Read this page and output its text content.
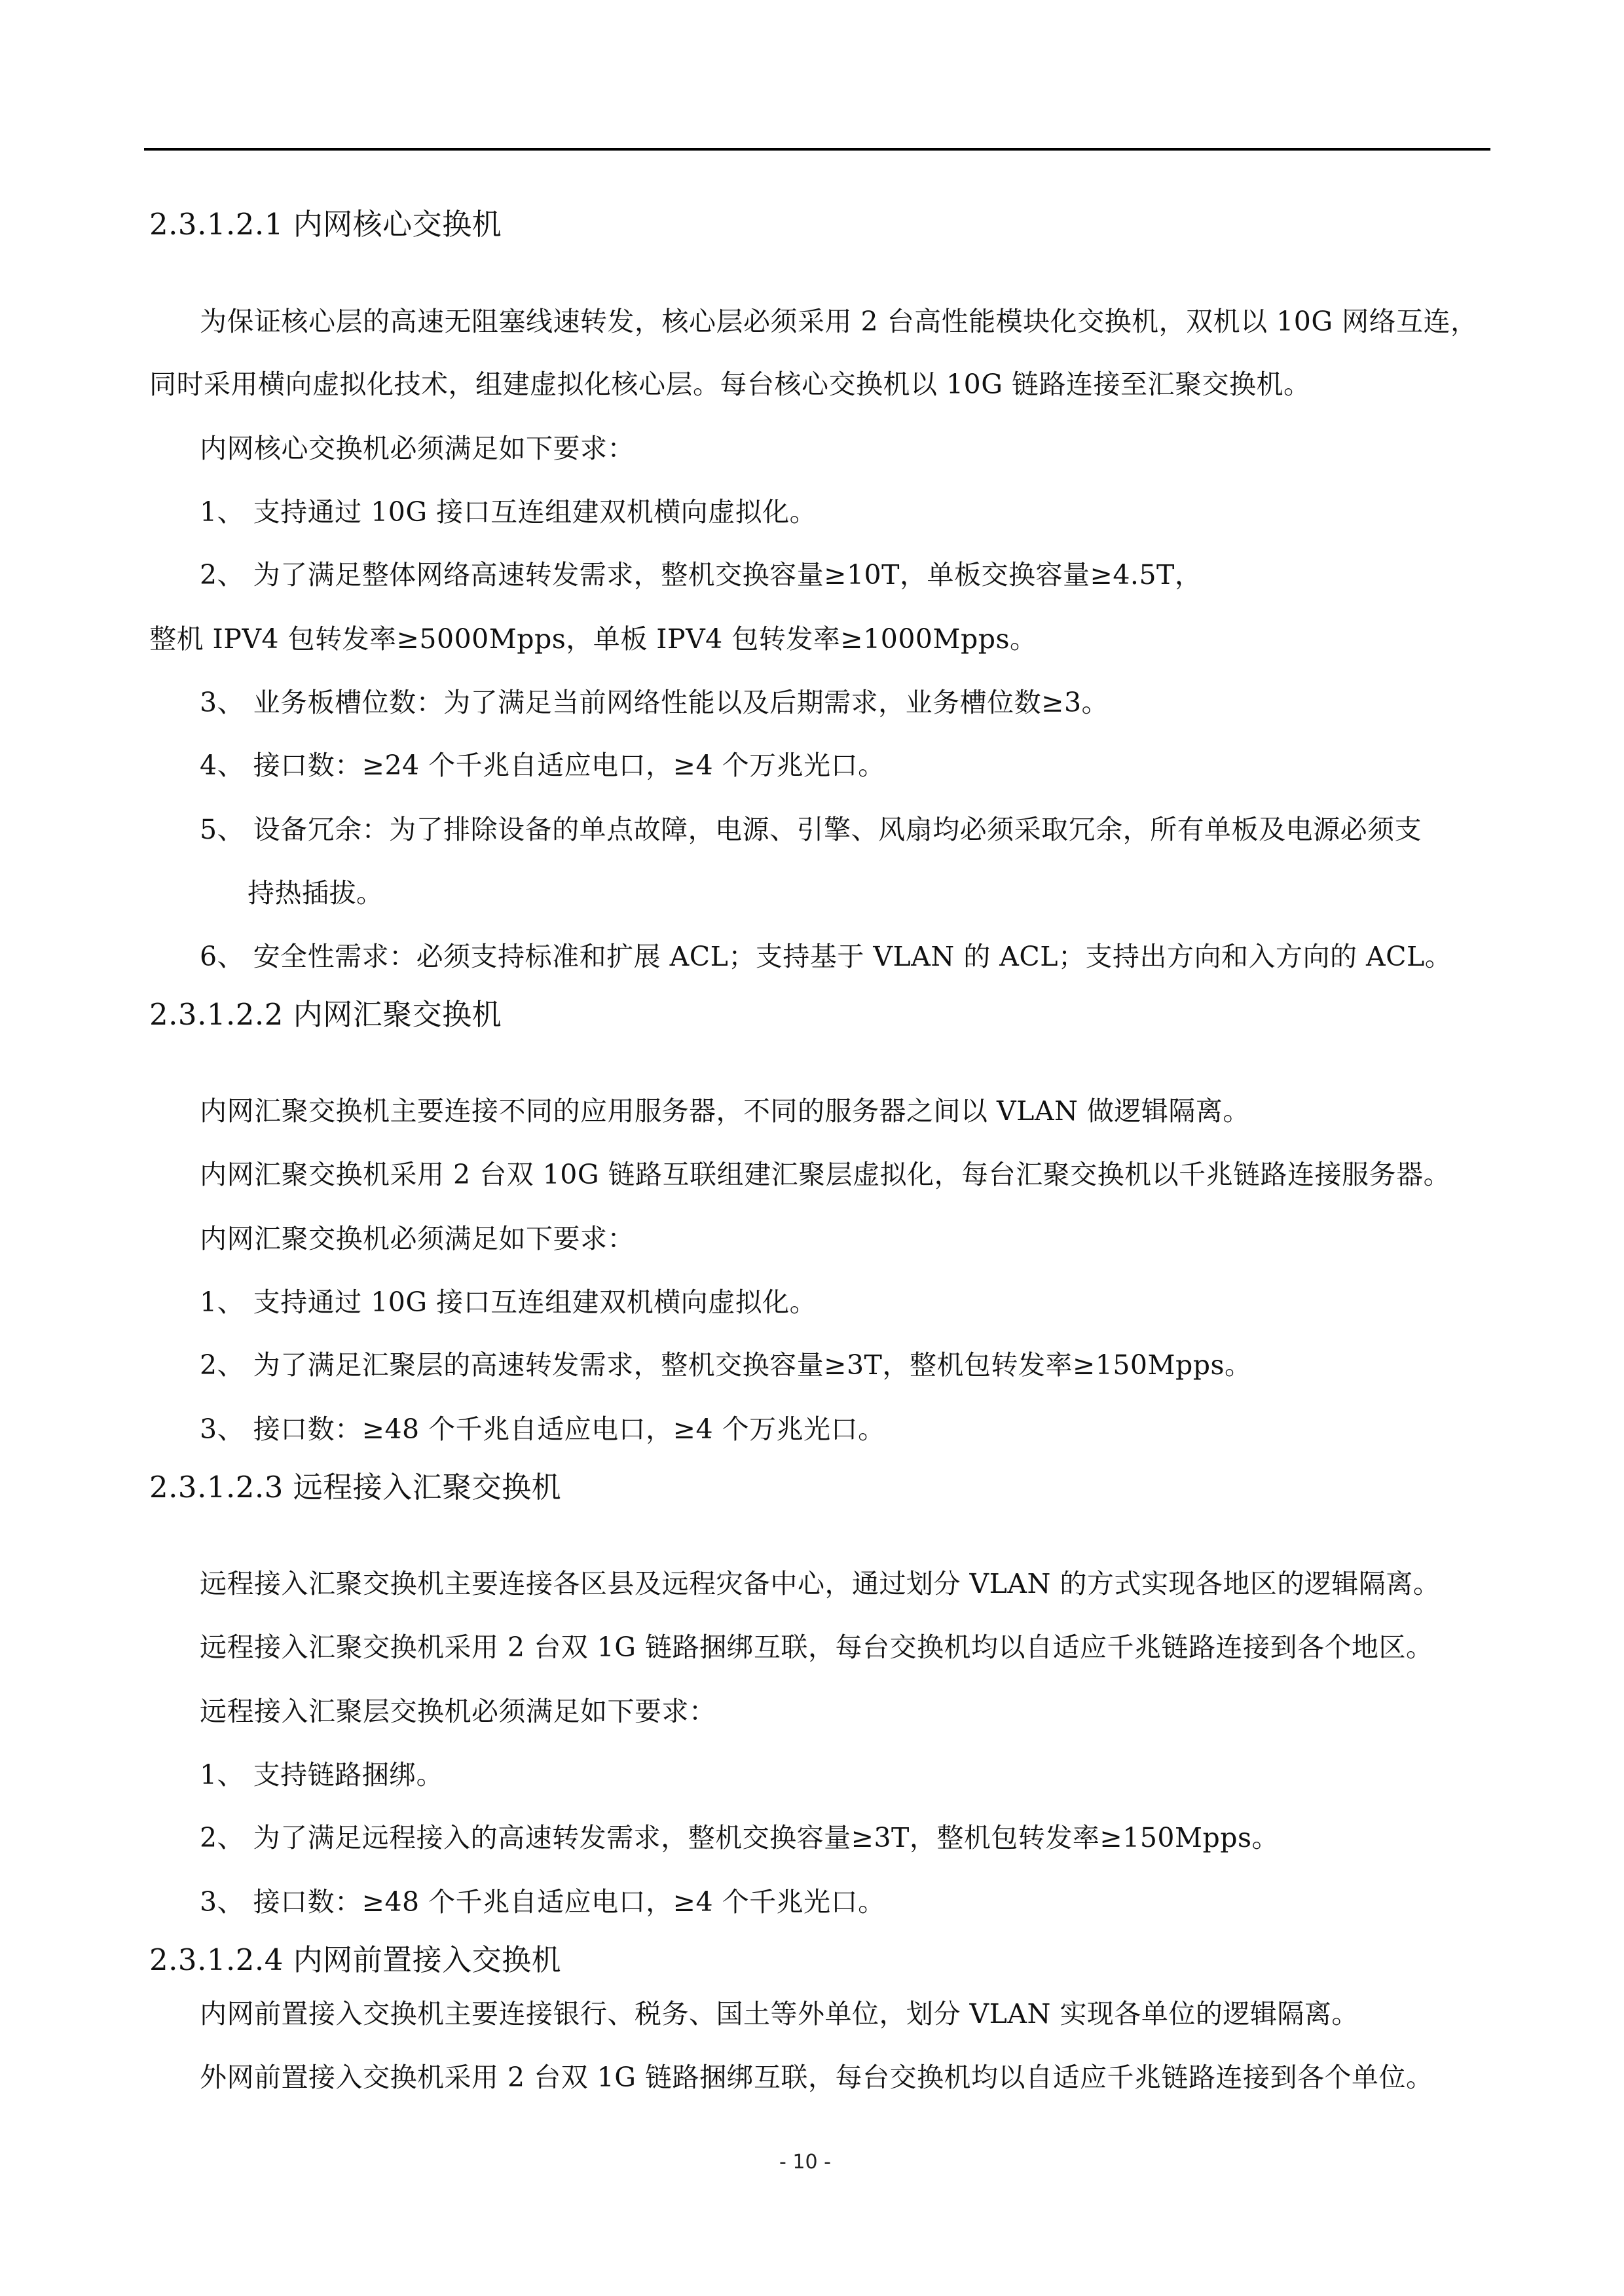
2.3.1.2.1 内网核心交换机
为保证核心层的高速无阻塞线速转发，核心层必须采用 2 台高性能模块化交换机，双机以 10G 网络互连，
同时采用横向虚拟化技术，组建虚拟化核心层。每台核心交换机以 10G 链路连接至汇聚交换机。
内网核心交换机必须满足如下要求：
1、 支持通过 10G 接口互连组建双机横向虚拟化。
2、 为了满足整体网络高速转发需求，整机交换容量≥10T，单板交换容量≥4.5T，
整机 IPV4 包转发率≥5000Mpps，单板 IPV4 包转发率≥1000Mpps。
3、 业务板槽位数：为了满足当前网络性能以及后期需求，业务槽位数≥3。
4、 接口数：≥24 个千兆自适应电口，≥4 个万兆光口。
5、 设备冗余：为了排除设备的单点故障，电源、引擎、风扇均必须采取冗余，所有单板及电源必须支
持热插拔。
6、 安全性需求：必须支持标准和扩展 ACL；支持基于 VLAN 的 ACL；支持出方向和入方向的 ACL。
2.3.1.2.2 内网汇聚交换机
内网汇聚交换机主要连接不同的应用服务器，不同的服务器之间以 VLAN 做逻辑隔离。
内网汇聚交换机采用 2 台双 10G 链路互联组建汇聚层虚拟化，每台汇聚交换机以千兆链路连接服务器。
内网汇聚交换机必须满足如下要求：
1、 支持通过 10G 接口互连组建双机横向虚拟化。
2、 为了满足汇聚层的高速转发需求，整机交换容量≥3T，整机包转发率≥150Mpps。
3、 接口数：≥48 个千兆自适应电口，≥4 个万兆光口。
2.3.1.2.3 远程接入汇聚交换机
远程接入汇聚交换机主要连接各区县及远程灾备中心，通过划分 VLAN 的方式实现各地区的逻辑隔离。
远程接入汇聚交换机采用 2 台双 1G 链路捆绑互联，每台交换机均以自适应千兆链路连接到各个地区。
远程接入汇聚层交换机必须满足如下要求：
1、 支持链路捆绑。
2、 为了满足远程接入的高速转发需求，整机交换容量≥3T，整机包转发率≥150Mpps。
3、 接口数：≥48 个千兆自适应电口，≥4 个千兆光口。
2.3.1.2.4 内网前置接入交换机
内网前置接入交换机主要连接银行、税务、国土等外单位，划分 VLAN 实现各单位的逻辑隔离。
外网前置接入交换机采用 2 台双 1G 链路捆绑互联，每台交换机均以自适应千兆链路连接到各个单位。
- 10 -
